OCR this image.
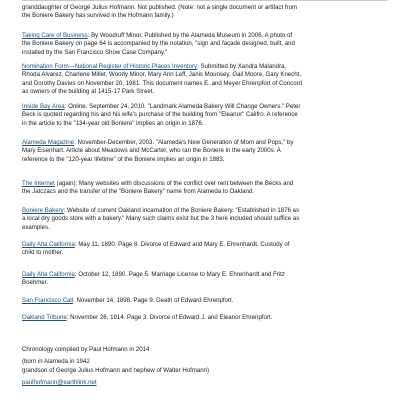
granddaughter of George Julius Hofmann. Not published. (Note: not a single document or artifact from
the Boniere Bakery has survived in the Hofmann family.)
Taking Care of Business: By Woodruff Minor. Published by the Alameda Museum in 2006. A photo of
the Boniere Bakery on page 64 is accompanied by the notation, "sign and façade designed, built, and
installed by the San Francisco Show Case Company."
Nomination Form—National Register of Historic Places Inventory: Submitted by Xandra Malandra,
Rhoda Alvarez, Charlene Millet, Woody Minor, Mary Ann Leff, Janis Mounsey, Gail Moore, Gary Knecht,
and Dorothy Davies on November 20, 1981. This document names E. and Meyer Ehrenpfort of Concord
as owners of the building at 1415-17 Park Street.
Inside Bay Area: Online. September 24, 2010. "Landmark Alameda Bakery Will Change Owners." Peter
Beck is quoted regarding his and his wife's purchase of the building from "Eleanor" Califro. A reference
in the article to the "134-year old Boniere" implies an origin in 1876.
Alameda Magazine: November-December, 2003. "Alameda's New Generation of Mom and Pops," by
Mary Eisenhart. Article about Meadows and McCarter, who ran the Boniere in the early 2000s. A
reference to the "120-year lifetime" of the Boniere implies an origin in 1883.
The Internet (again): Many websites with discussions of the conflict over rent between the Becks and
the Jatczacs and the transfer of the "Boniere Bakery" name from Alameda to Oakland.
Boniere Bakery: Website of current Oakland incarnation of the Boniere Bakery. "Established in 1876 as
a local dry goods store with a bakery." Many such claims exist but the 3 here included should suffice as
examples.
Daily Alta California: May 11, 1890. Page 8. Divorce of Edward and Mary E. Ehrenhardt. Custody of
child to mother.
Daily Alta California: October 12, 1890. Page 5. Marriage License to Mary E. Ehrenhardt and Fritz
Boehmer.
San Francisco Call: November 14, 1898. Page 9. Death of Edward Ehrenpfort.
Oakland Tribune: November 26, 1914. Page 3. Divorce of Edward J. and Eleanor Ehrenpfort.
Chronology compiled by Paul Hofmann in 2014
(born in Alameda in 1942
grandson of George Julius Hofmann and nephew of Walter Hofmann)
paulhofmann@earthlink.net
